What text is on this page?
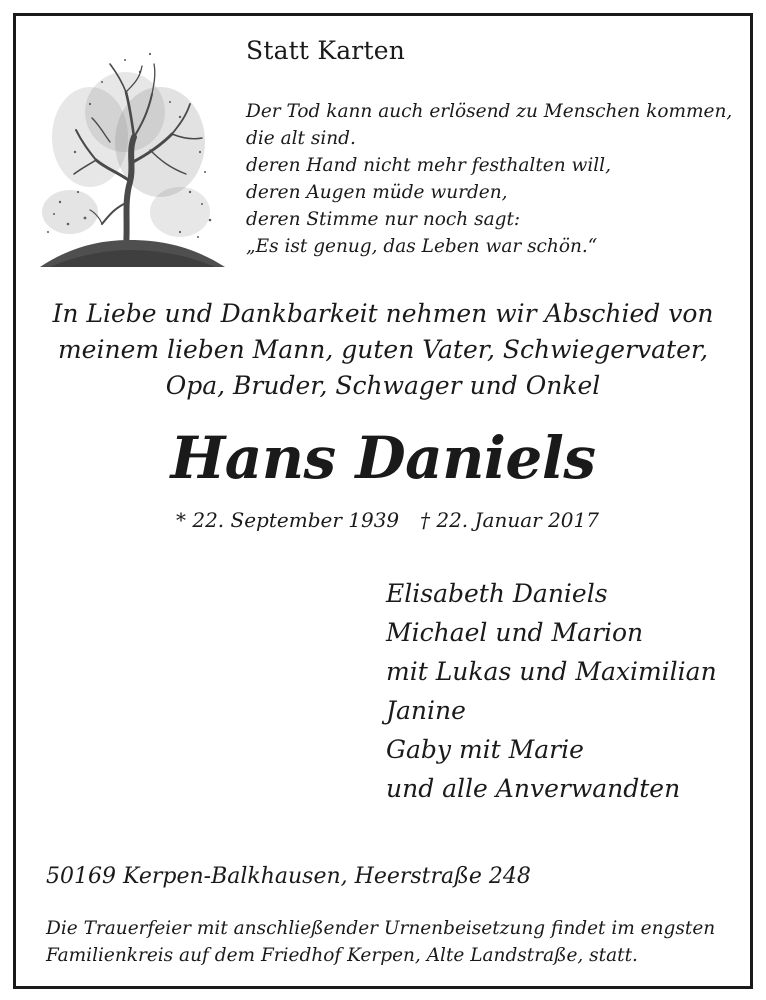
Statt Karten
Der Tod kann auch erlösend zu Menschen kommen,
die alt sind.
deren Hand nicht mehr festhalten will,
deren Augen müde wurden,
deren Stimme nur noch sagt:
„Es ist genug, das Leben war schön.“
In Liebe und Dankbarkeit nehmen wir Abschied von
meinem lieben Mann, guten Vater, Schwiegervater,
Opa, Bruder, Schwager und Onkel
Hans Daniels
* 22. September 1939 † 22. Januar 2017
Elisabeth Daniels
Michael und Marion
mit Lukas und Maximilian
Janine
Gaby mit Marie
und alle Anverwandten
50169 Kerpen-Balkhausen, Heerstraße 248
Die Trauerfeier mit anschließender Urnenbeisetzung findet im engsten
Familienkreis auf dem Friedhof Kerpen, Alte Landstraße, statt.
